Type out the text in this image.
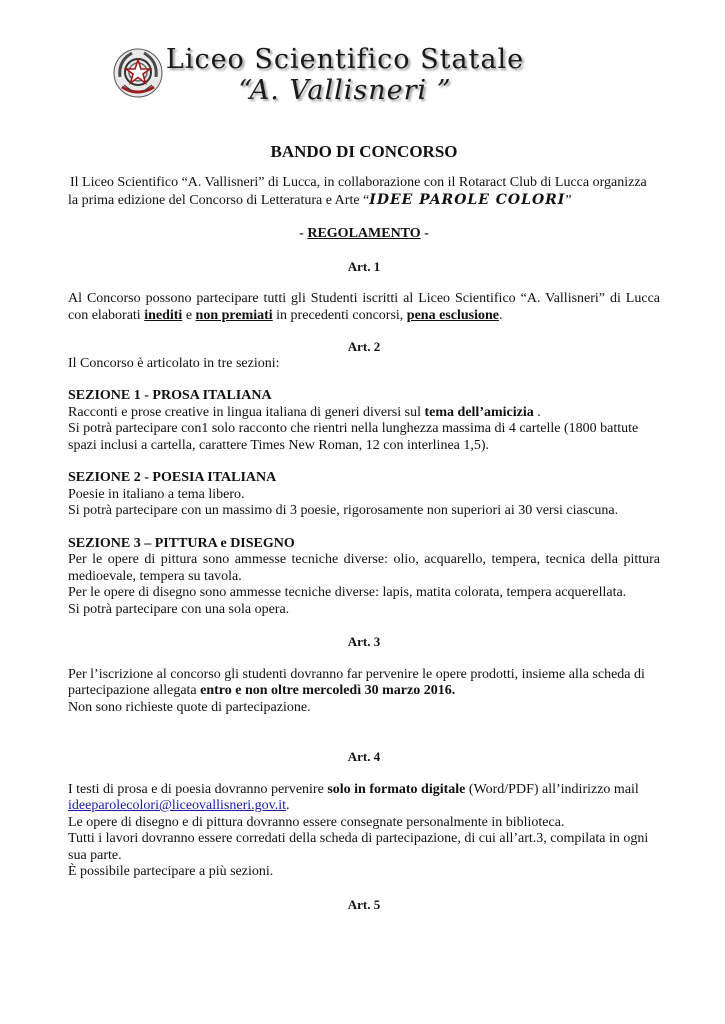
Liceo Scientifico Statale
“A. Vallisneri ”
BANDO DI CONCORSO

Il Liceo Scientifico “A. Vallisneri” di Lucca, in collaborazione con il Rotaract Club di Lucca organizza la prima edizione del Concorso di Letteratura e Arte “IDEE PAROLE COLORI”

- REGOLAMENTO -

Art. 1

Al Concorso possono partecipare tutti gli Studenti iscritti al Liceo Scientifico “A. Vallisneri” di Lucca con elaborati inediti e non premiati in precedenti concorsi, pena esclusione.

Art. 2

Il Concorso è articolato in tre sezioni:

SEZIONE 1 - PROSA ITALIANA

Racconti e prose creative in lingua italiana di generi diversi sul tema dell’amicizia .

Si potrà partecipare con1 solo racconto che rientri nella lunghezza massima di 4 cartelle (1800 battute spazi inclusi a cartella, carattere Times New Roman, 12 con interlinea 1,5).

SEZIONE 2 - POESIA ITALIANA

Poesie in italiano a tema libero.

Si potrà partecipare con un massimo di 3 poesie, rigorosamente non superiori ai 30 versi ciascuna.

SEZIONE 3 – PITTURA e DISEGNO

Per le opere di pittura sono ammesse tecniche diverse: olio, acquarello, tempera, tecnica della pittura medioevale, tempera su tavola.

Per le opere di disegno sono ammesse tecniche diverse: lapis, matita colorata, tempera acquerellata.

Si potrà partecipare con una sola opera.

Art. 3

Per l’iscrizione al concorso gli studenti dovranno far pervenire le opere prodotti, insieme alla scheda di partecipazione allegata entro e non oltre mercoledì 30 marzo 2016.

Non sono richieste quote di partecipazione.

Art. 4

I testi di prosa e di poesia dovranno pervenire solo in formato digitale (Word/PDF) all’indirizzo mail ideeparolecolori@liceovallisneri.gov.it.

Le opere di disegno e di pittura dovranno essere consegnate personalmente in biblioteca.

Tutti i lavori dovranno essere corredati della scheda di partecipazione, di cui all’art.3, compilata in ogni sua parte.

È possibile partecipare a più sezioni.

Art. 5
